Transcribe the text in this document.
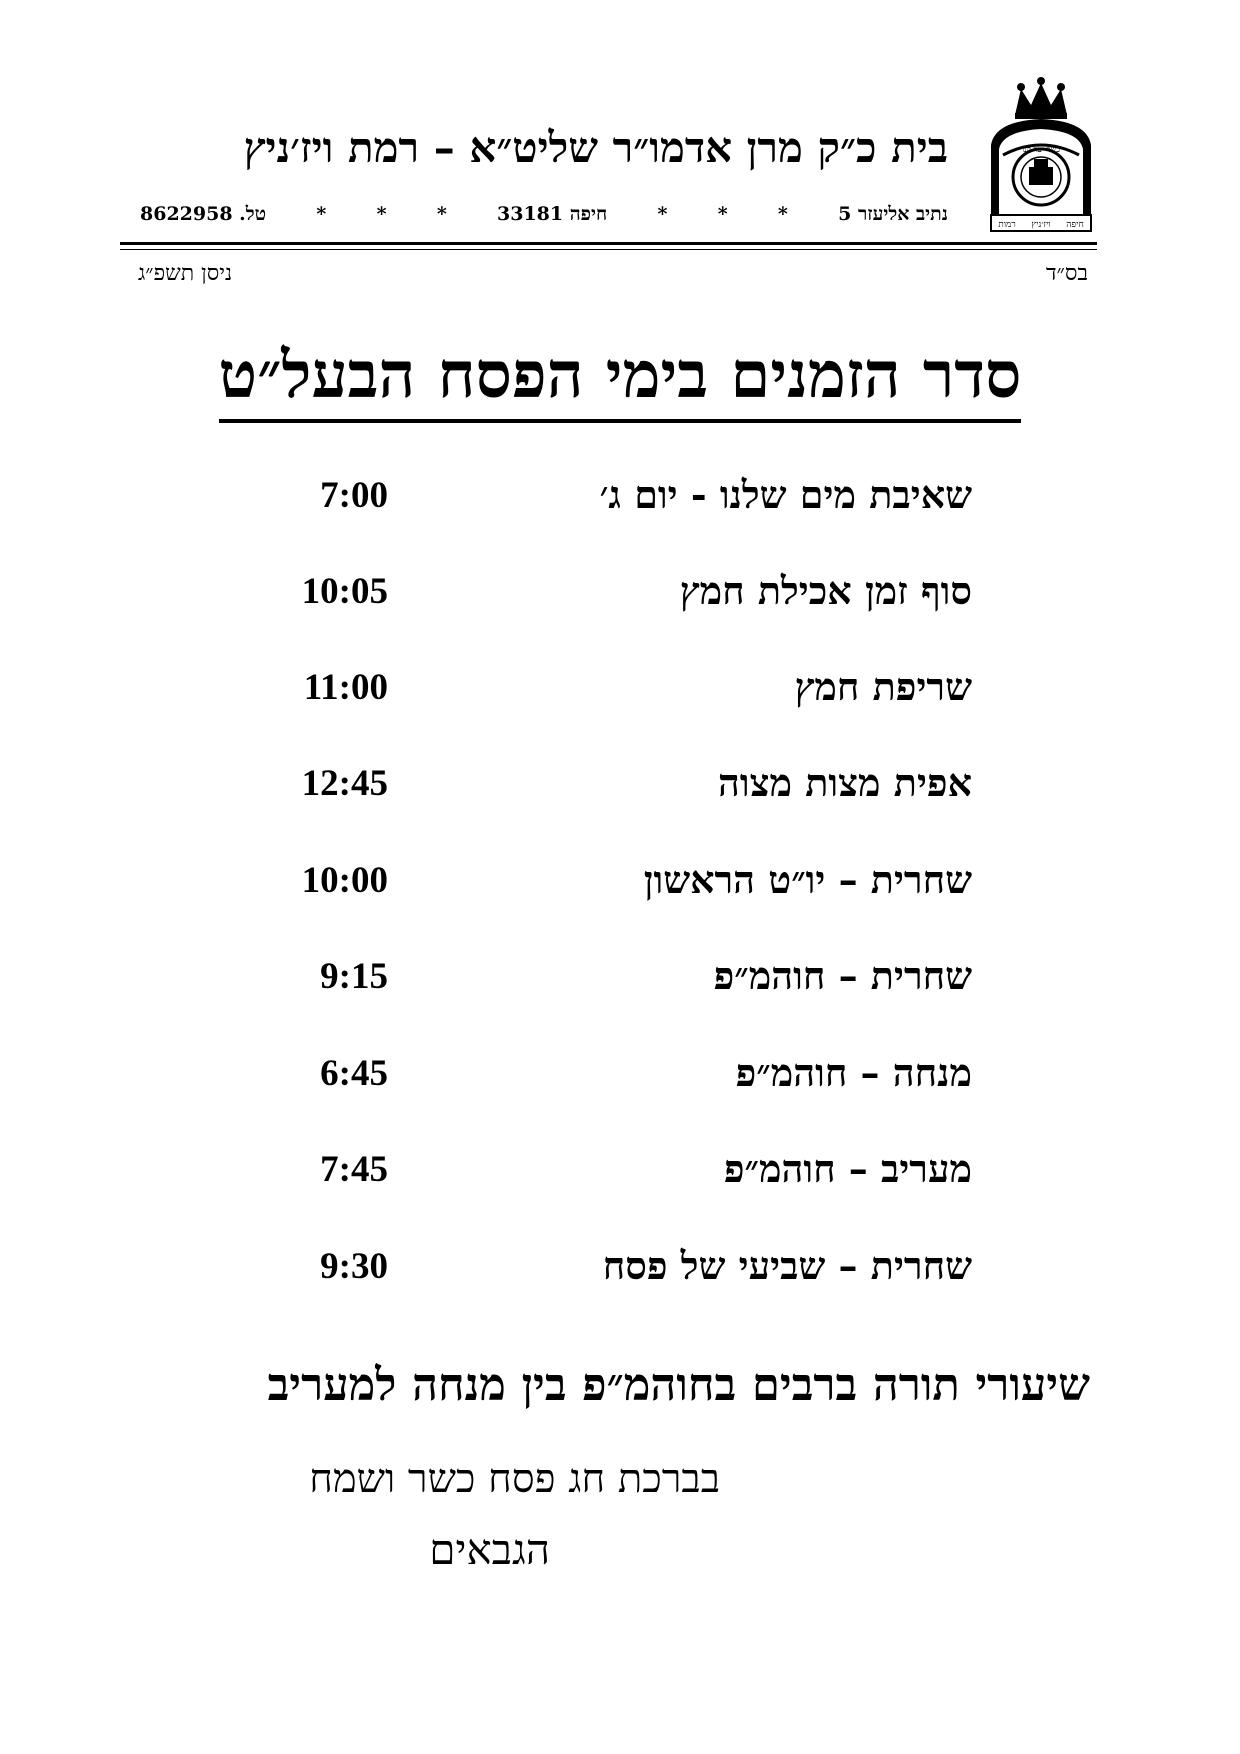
כשר יער קנו
רמות ויז׳ניץ חיפה
בית כ״ק מרן אדמו״ר שליט״א – רמת ויז׳ניץ
נתיב אליעזר 5
*
*
*
חיפה 33181
*
*
*
טל. 8622958
בס״ד
ניסן תשפ״ג
סדר הזמנים בימי הפסח הבעל״ט
שאיבת מים שלנו - יום ג׳
7:00
סוף זמן אכילת חמץ
10:05
שריפת חמץ
11:00
אפית מצות מצוה
12:45
שחרית – יו״ט הראשון
10:00
שחרית – חוהמ״פ
9:15
מנחה – חוהמ״פ
6:45
מעריב – חוהמ״פ
7:45
שחרית – שביעי של פסח
9:30
שיעורי תורה ברבים בחוהמ״פ בין מנחה למעריב
בברכת חג פסח כשר ושמח
הגבאים
